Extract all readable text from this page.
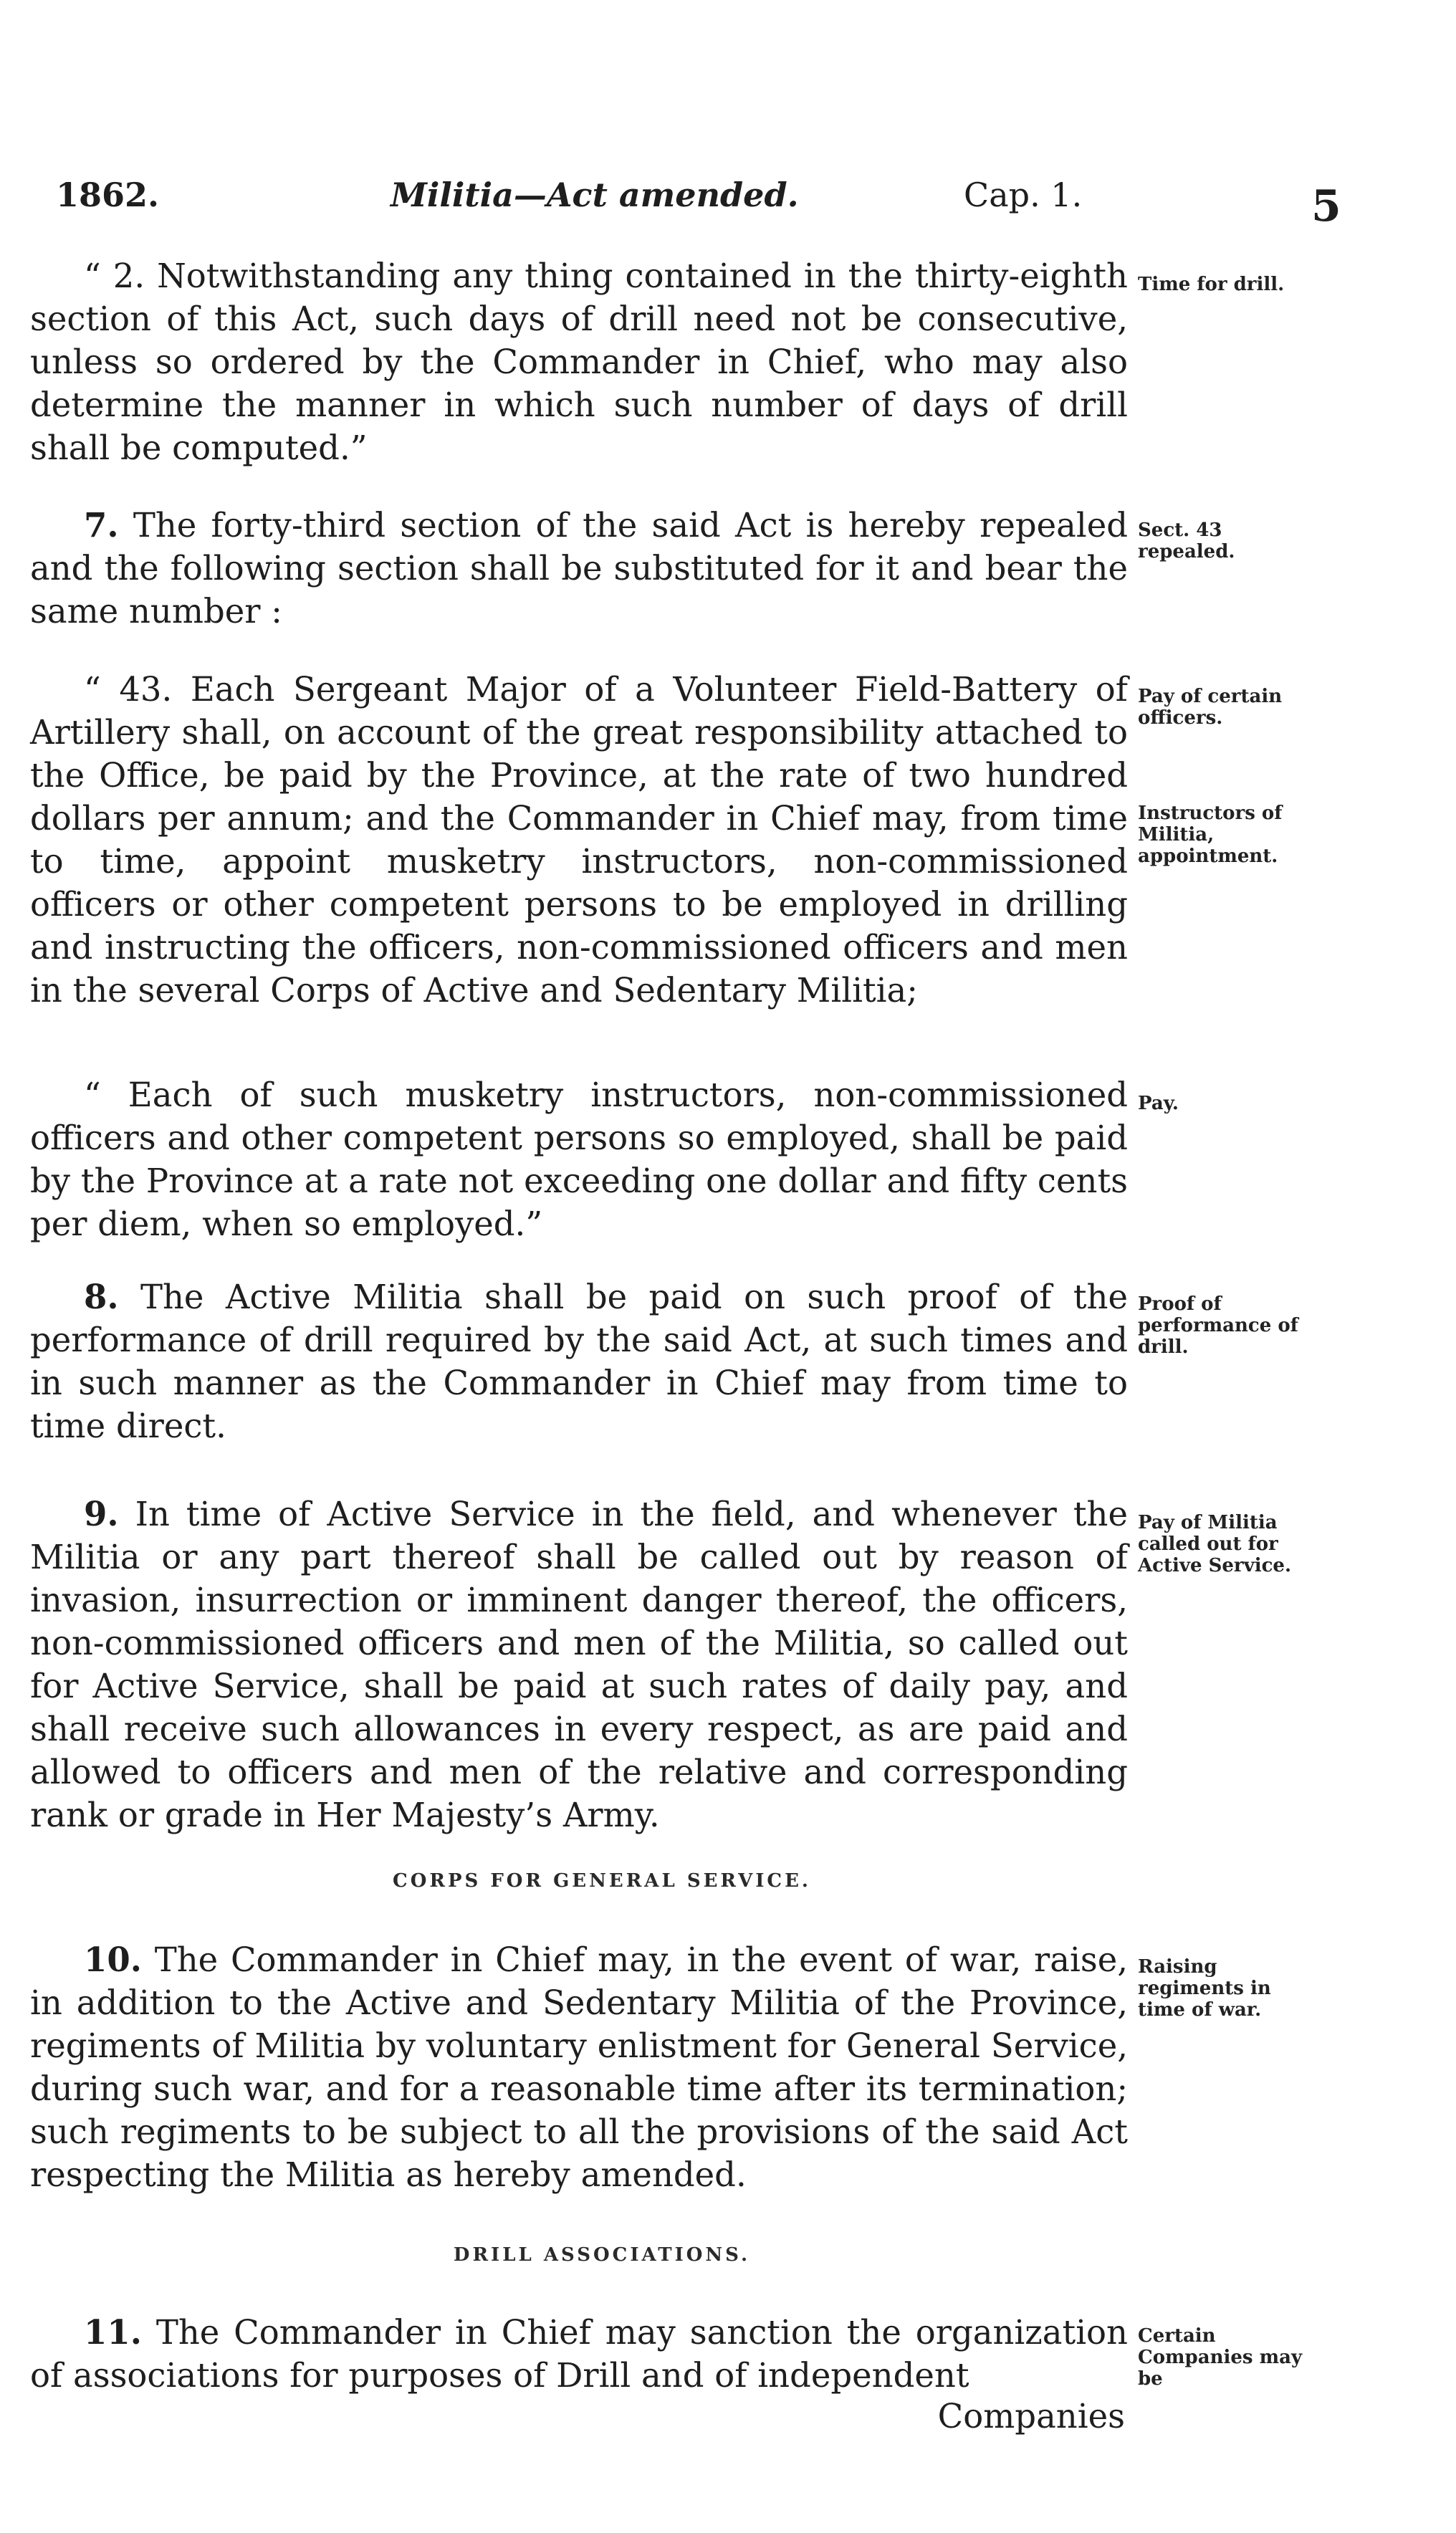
1862.	Militia—Act amended.	Cap. 1.	5

“ 2. Notwithstanding any thing contained in the thirty-eighth section of this Act, such days of drill need not be consecutive, unless so ordered by the Commander in Chief, who may also determine the manner in which such number of days of drill shall be computed.”

Time for drill.

7. The forty-third section of the said Act is hereby repealed and the following section shall be substituted for it and bear the same number :

Sect. 43 repealed.

“ 43. Each Sergeant Major of a Volunteer Field-Battery of Artillery shall, on account of the great responsibility attached to the Office, be paid by the Province, at the rate of two hundred dollars per annum; and the Commander in Chief may, from time to time, appoint musketry instructors, non-commissioned officers or other competent persons to be employed in drilling and instructing the officers, non-commissioned officers and men in the several Corps of Active and Sedentary Militia;

Pay of certain officers.
Instructors of Militia, appointment.

“ Each of such musketry instructors, non-commissioned officers and other competent persons so employed, shall be paid by the Province at a rate not exceeding one dollar and fifty cents per diem, when so employed.”

Pay.

8. The Active Militia shall be paid on such proof of the performance of drill required by the said Act, at such times and in such manner as the Commander in Chief may from time to time direct.

Proof of performance of drill.

9. In time of Active Service in the field, and whenever the Militia or any part thereof shall be called out by reason of invasion, insurrection or imminent danger thereof, the officers, non-commissioned officers and men of the Militia, so called out for Active Service, shall be paid at such rates of daily pay, and shall receive such allowances in every respect, as are paid and allowed to officers and men of the relative and corresponding rank or grade in Her Majesty’s Army.

Pay of Militia called out for Active Service.
CORPS FOR GENERAL SERVICE.

10. The Commander in Chief may, in the event of war, raise, in addition to the Active and Sedentary Militia of the Province, regiments of Militia by voluntary enlistment for General Service, during such war, and for a reasonable time after its termination; such regiments to be subject to all the provisions of the said Act respecting the Militia as hereby amended.

Raising regiments in time of war.
DRILL ASSOCIATIONS.

11. The Commander in Chief may sanction the organization of associations for purposes of Drill and of independent

Certain Companies may be
Companies
